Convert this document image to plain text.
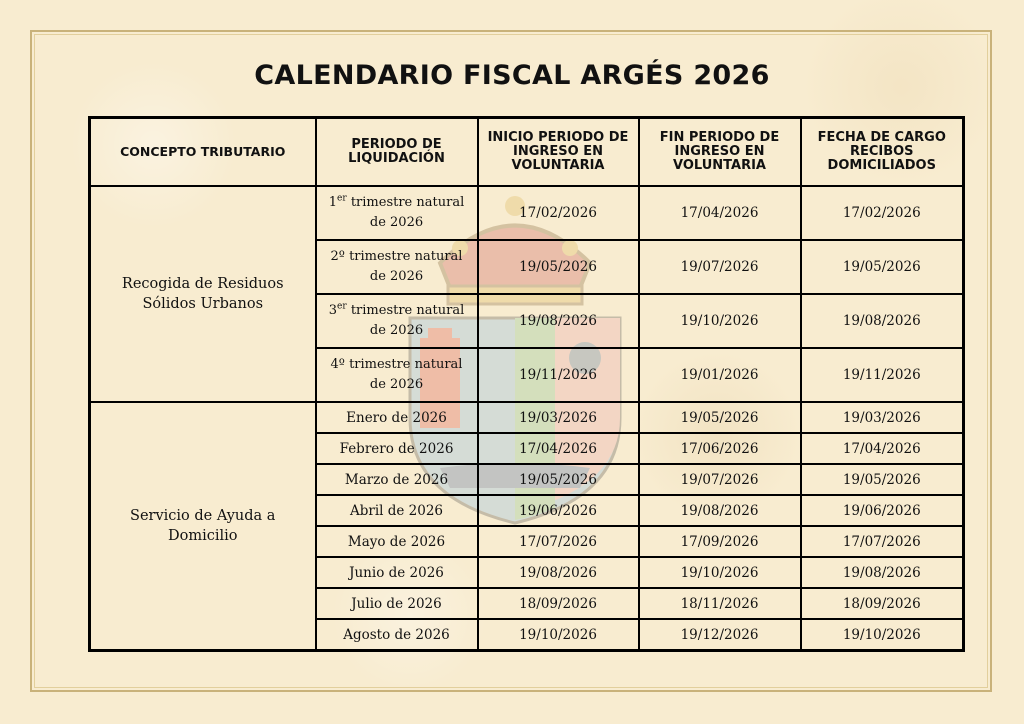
CALENDARIO FISCAL ARGÉS 2026
CONCEPTO TRIBUTARIO	PERIODO DE LIQUIDACIÓN	INICIO PERIODO DE INGRESO EN VOLUNTARIA	FIN PERIODO DE INGRESO EN VOLUNTARIA	FECHA DE CARGO RECIBOS DOMICILIADOS
Recogida de Residuos Sólidos Urbanos	1er trimestre natural de 2026	17/02/2026	17/04/2026	17/02/2026
	2º trimestre natural de 2026	19/05/2026	19/07/2026	19/05/2026
	3er trimestre natural de 2026	19/08/2026	19/10/2026	19/08/2026
	4º trimestre natural de 2026	19/11/2026	19/01/2026	19/11/2026
Servicio de Ayuda a Domicilio	Enero de 2026	19/03/2026	19/05/2026	19/03/2026
	Febrero de 2026	17/04/2026	17/06/2026	17/04/2026
	Marzo de 2026	19/05/2026	19/07/2026	19/05/2026
	Abril de 2026	19/06/2026	19/08/2026	19/06/2026
	Mayo de 2026	17/07/2026	17/09/2026	17/07/2026
	Junio de 2026	19/08/2026	19/10/2026	19/08/2026
	Julio de 2026	18/09/2026	18/11/2026	18/09/2026
	Agosto de 2026	19/10/2026	19/12/2026	19/10/2026
